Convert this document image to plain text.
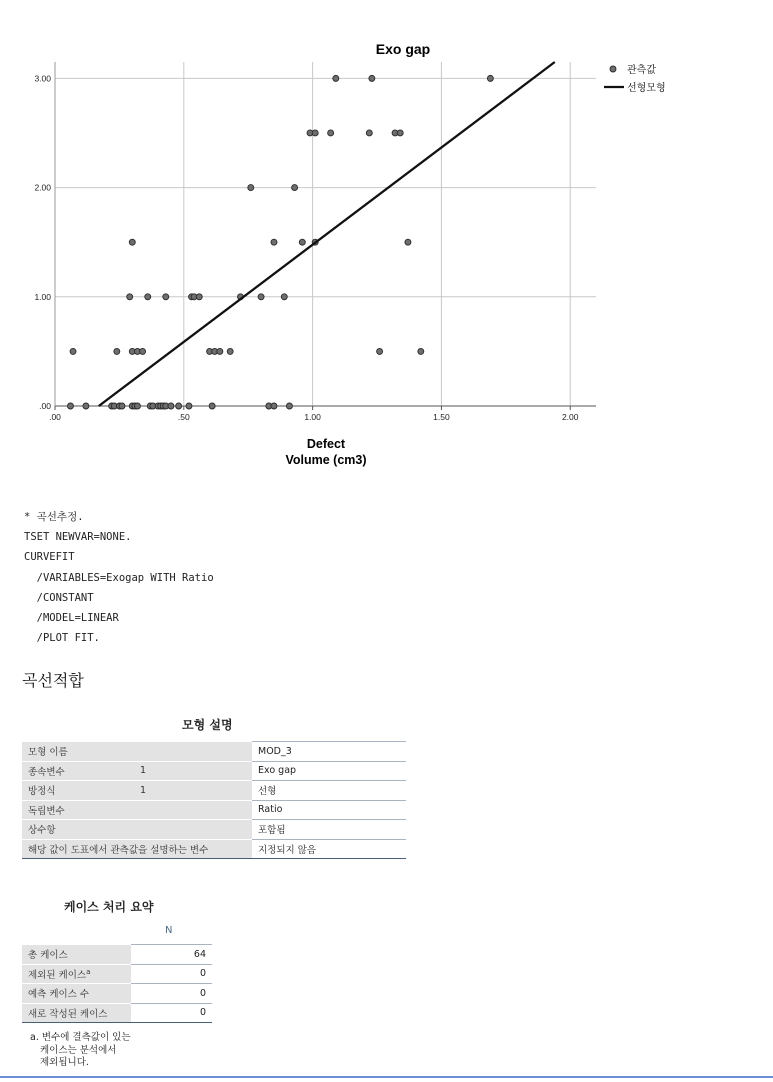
Exo gap
.00	.50	1.00	1.50	2.00
.00
1.00
2.00
3.00
Defect
Volume (cm3)
관측값
선형모형
* 곡선추정.
TSET NEWVAR=NONE.
CURVEFIT
/VARIABLES=Exogap WITH Ratio
/CONSTANT
/MODEL=LINEAR
/PLOT FIT.
곡선적합
모형 설명
모형 이름		MOD_3
종속변수	1	Exo gap
방정식	1	선형
독립변수		Ratio
상수항		포함됨
해당 값이 도표에서 관측값을 설명하는 변수		지정되지 않음
케이스 처리 요약
N
총 케이스	64
제외된 케이스$^a$	0
예측 케이스 수	0
새로 작성된 케이스	0
a. 변수에 결측값이 있는
케이스는 분석에서
제외됩니다.
